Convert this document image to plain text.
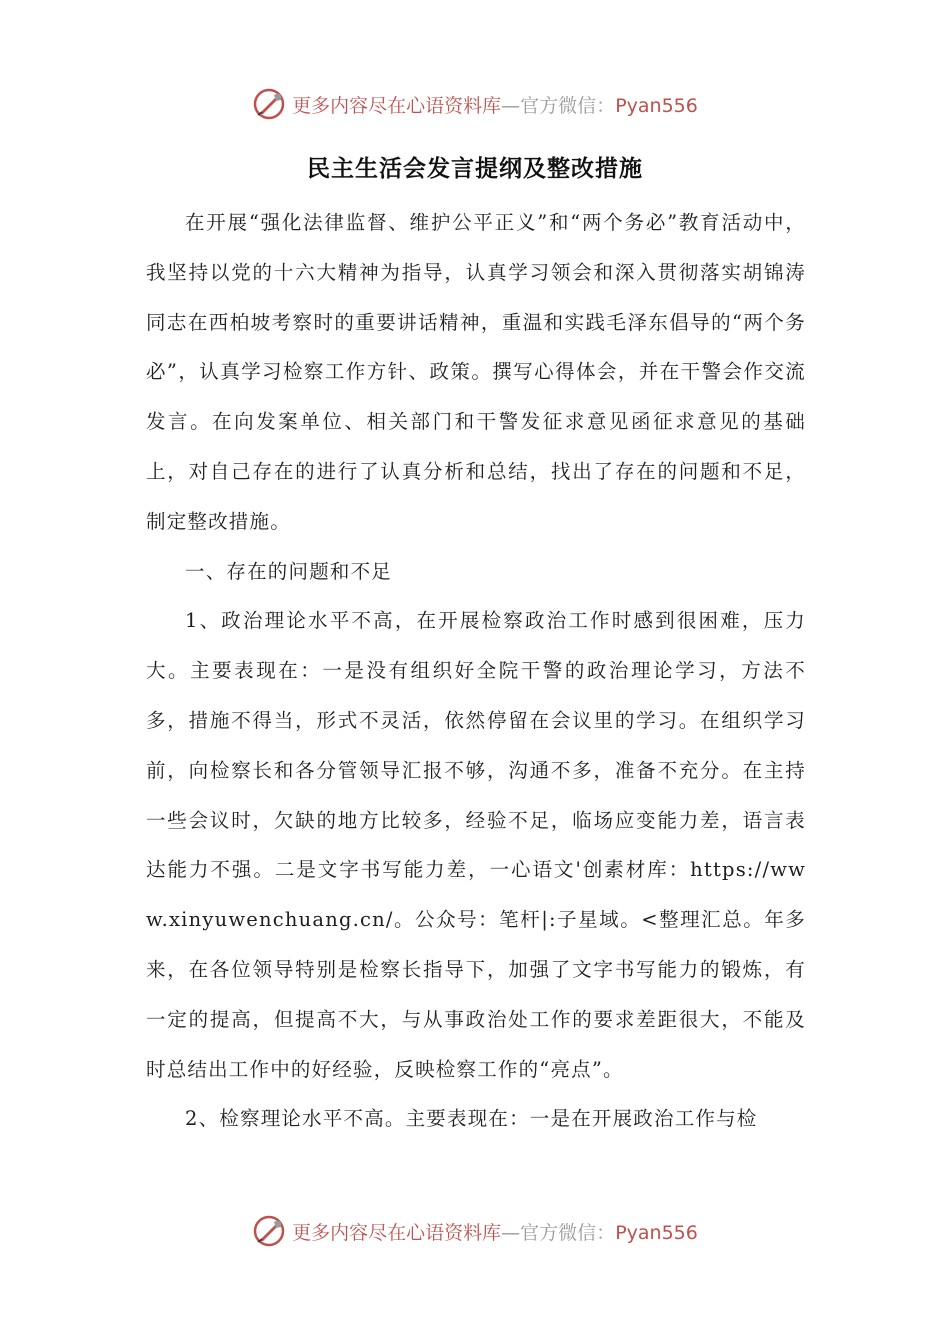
更多内容尽在心语资料库—官方微信：Pyan556
民主生活会发言提纲及整改措施

在开展“强化法律监督、维护公平正义”和“两个务必”教育活动中，我坚持以党的十六大精神为指导，认真学习领会和深入贯彻落实胡锦涛同志在西柏坡考察时的重要讲话精神，重温和实践毛泽东倡导的“两个务必”，认真学习检察工作方针、政策。撰写心得体会，并在干警会作交流发言。在向发案单位、相关部门和干警发征求意见函征求意见的基础上，对自己存在的进行了认真分析和总结，找出了存在的问题和不足，制定整改措施。

一、存在的问题和不足

1、政治理论水平不高，在开展检察政治工作时感到很困难，压力大。主要表现在：一是没有组织好全院干警的政治理论学习，方法不多，措施不得当，形式不灵活，依然停留在会议里的学习。在组织学习前，向检察长和各分管领导汇报不够，沟通不多，准备不充分。在主持一些会议时，欠缺的地方比较多，经验不足，临场应变能力差，语言表达能力不强。二是文字书写能力差，一心语文'创素材库：https://www.xinyuwenchuang.cn/。公众号：笔杆|:子星域。<整理汇总。年多来，在各位领导特别是检察长指导下，加强了文字书写能力的锻炼，有一定的提高，但提高不大，与从事政治处工作的要求差距很大，不能及时总结出工作中的好经验，反映检察工作的“亮点”。

2、检察理论水平不高。主要表现在：一是在开展政治工作与检

更多内容尽在心语资料库—官方微信：Pyan556
